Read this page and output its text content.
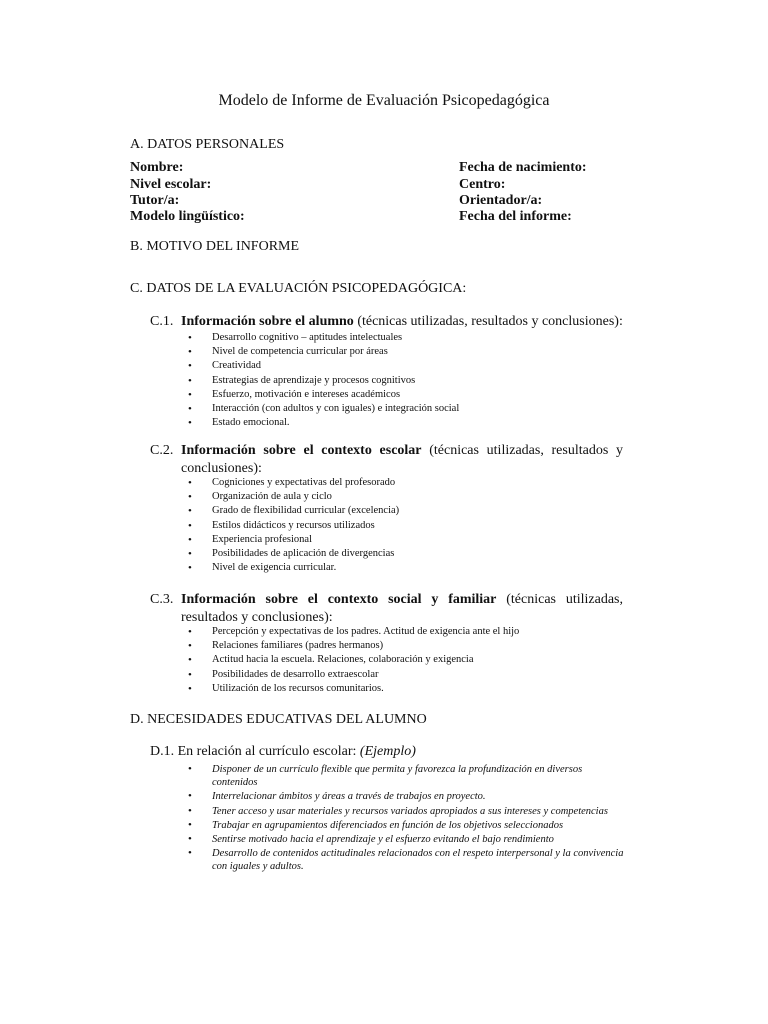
Modelo de Informe de Evaluación Psicopedagógica
A. DATOS PERSONALES
Nombre:
Nivel escolar:
Tutor/a:
Modelo lingüístico:
Fecha de nacimiento:
Centro:
Orientador/a:
Fecha del informe:
B. MOTIVO DEL INFORME
C. DATOS DE LA EVALUACIÓN PSICOPEDAGÓGICA:
C.1. Información sobre el alumno (técnicas utilizadas, resultados y conclusiones):
• Desarrollo cognitivo – aptitudes intelectuales
• Nivel de competencia curricular por áreas
• Creatividad
• Estrategias de aprendizaje y procesos cognitivos
• Esfuerzo, motivación e intereses académicos
• Interacción (con adultos y con iguales) e integración social
• Estado emocional.
C.2. Información sobre el contexto escolar (técnicas utilizadas, resultados y
conclusiones):
• Cogniciones y expectativas del profesorado
• Organización de aula y ciclo
• Grado de flexibilidad curricular (excelencia)
• Estilos didácticos y recursos utilizados
• Experiencia profesional
• Posibilidades de aplicación de divergencias
• Nivel de exigencia curricular.
C.3. Información sobre el contexto social y familiar (técnicas utilizadas,
resultados y conclusiones):
• Percepción y expectativas de los padres. Actitud de exigencia ante el hijo
• Relaciones familiares (padres hermanos)
• Actitud hacia la escuela. Relaciones, colaboración y exigencia
• Posibilidades de desarrollo extraescolar
• Utilización de los recursos comunitarios.
D. NECESIDADES EDUCATIVAS DEL ALUMNO
D.1. En relación al currículo escolar: (Ejemplo)
• Disponer de un currículo flexible que permita y favorezca la profundización en diversos contenidos
• Interrelacionar ámbitos y áreas a través de trabajos en proyecto.
• Tener acceso y usar materiales y recursos variados apropiados a sus intereses y competencias
• Trabajar en agrupamientos diferenciados en función de los objetivos seleccionados
• Sentirse motivado hacia el aprendizaje y el esfuerzo evitando el bajo rendimiento
• Desarrollo de contenidos actitudinales relacionados con el respeto interpersonal y la convivencia con iguales y adultos.
